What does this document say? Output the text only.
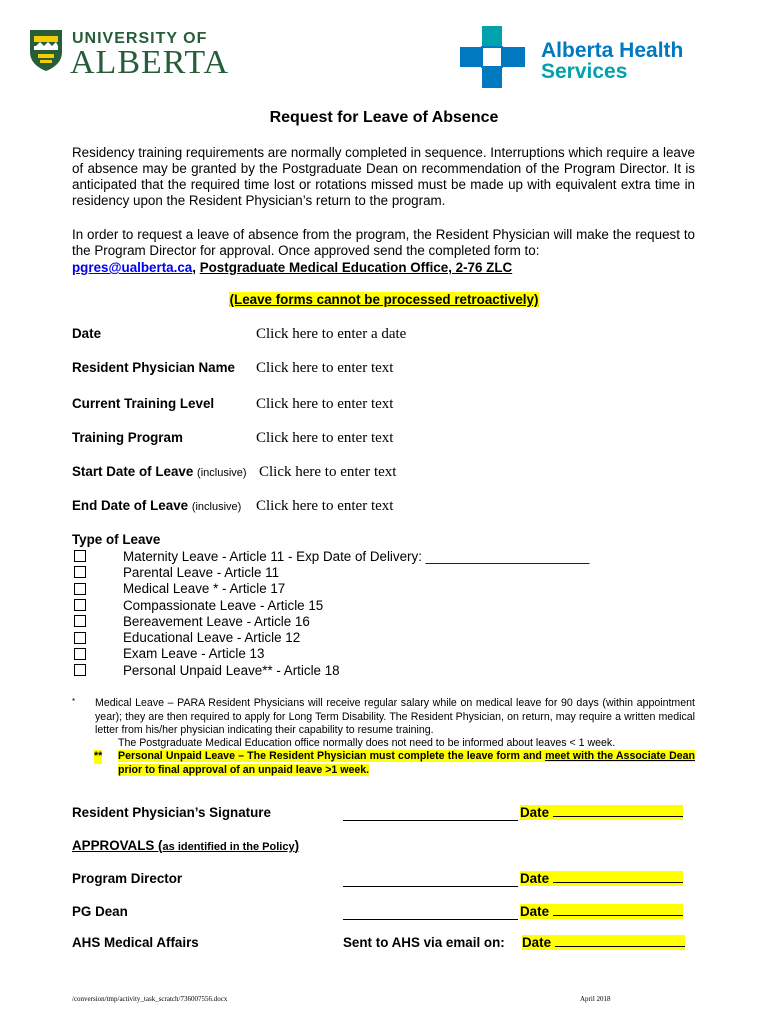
UNIVERSITY OF
ALBERTA	Alberta Health
Services
Request for Leave of Absence
Residency training requirements are normally completed in sequence. Interruptions which require a leave of absence may be granted by the Postgraduate Dean on recommendation of the Program Director. It is anticipated that the required time lost or rotations missed must be made up with equivalent extra time in residency upon the Resident Physician’s return to the program.
In order to request a leave of absence from the program, the Resident Physician will make the request to the Program Director for approval. Once approved send the completed form to:
pgres@ualberta.ca, Postgraduate Medical Education Office, 2-76 ZLC
(Leave forms cannot be processed retroactively)
Date	Click here to enter a date
Resident Physician Name Click here to enter text
Current Training Level	Click here to enter text
Training Program	Click here to enter text
Start Date of Leave (inclusive) Click here to enter text
End Date of Leave (inclusive) Click here to enter text
Type of Leave
Maternity Leave - Article 11 - Exp Date of Delivery: ______________________
Parental Leave - Article 11
Medical Leave * - Article 17
Compassionate Leave - Article 15
Bereavement Leave - Article 16
Educational Leave - Article 12
Exam Leave - Article 13
Personal Unpaid Leave** - Article 18
* Medical Leave – PARA Resident Physicians will receive regular salary while on medical leave for 90 days (within appointment year); they are then required to apply for Long Term Disability. The Resident Physician, on return, may require a written medical letter from his/her physician indicating their capability to resume training.
The Postgraduate Medical Education office normally does not need to be informed about leaves < 1 week.
** Personal Unpaid Leave – The Resident Physician must complete the leave form and meet with the Associate Dean prior to final approval of an unpaid leave >1 week.
Resident Physician’s Signature	Date
APPROVALS (as identified in the Policy)
Program Director	Date
PG Dean	Date
AHS Medical Affairs	Sent to AHS via email on: Date
/conversion/tmp/activity_task_scratch/736007556.docx	April 2018
